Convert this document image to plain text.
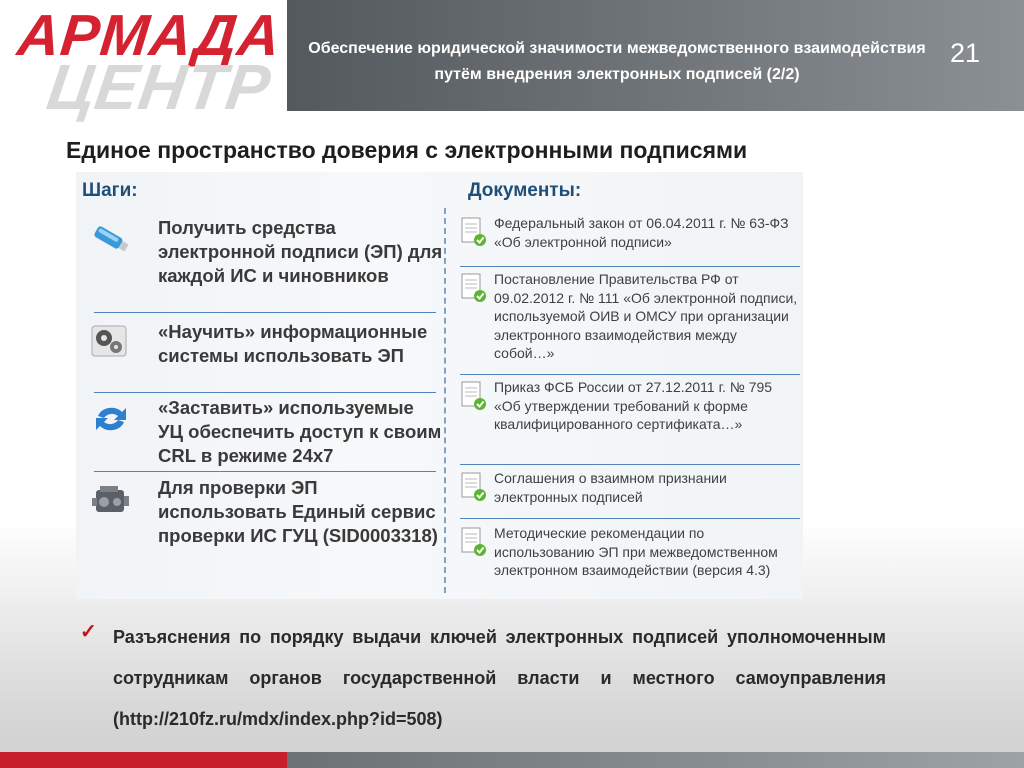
АРМАДА
ЦЕНТР
Обеспечение юридической значимости межведомственного взаимодействия путём внедрения электронных подписей (2/2)
21
Единое пространство доверия с электронными подписями
Шаги:
Получить средства электронной подписи (ЭП) для каждой ИС и чиновников
«Научить» информационные системы использовать ЭП
«Заставить» используемые УЦ обеспечить доступ к своим CRL в режиме 24x7
Для проверки ЭП использовать Единый сервис проверки ИС ГУЦ (SID0003318)
Документы:
Федеральный закон от 06.04.2011 г. № 63-ФЗ «Об электронной подписи»
Постановление Правительства РФ от 09.02.2012 г. № 111 «Об электронной подписи, используемой ОИВ и ОМСУ при организации электронного взаимодействия между собой…»
Приказ ФСБ России от 27.12.2011 г. № 795 «Об утверждении требований к форме квалифицированного сертификата…»
Соглашения о взаимном признании электронных подписей
Методические рекомендации по использованию ЭП при межведомственном электронном взаимодействии (версия 4.3)
✓ Разъяснения по порядку выдачи ключей электронных подписей уполномоченным сотрудникам органов государственной власти и местного самоуправления (http://210fz.ru/mdx/index.php?id=508)
